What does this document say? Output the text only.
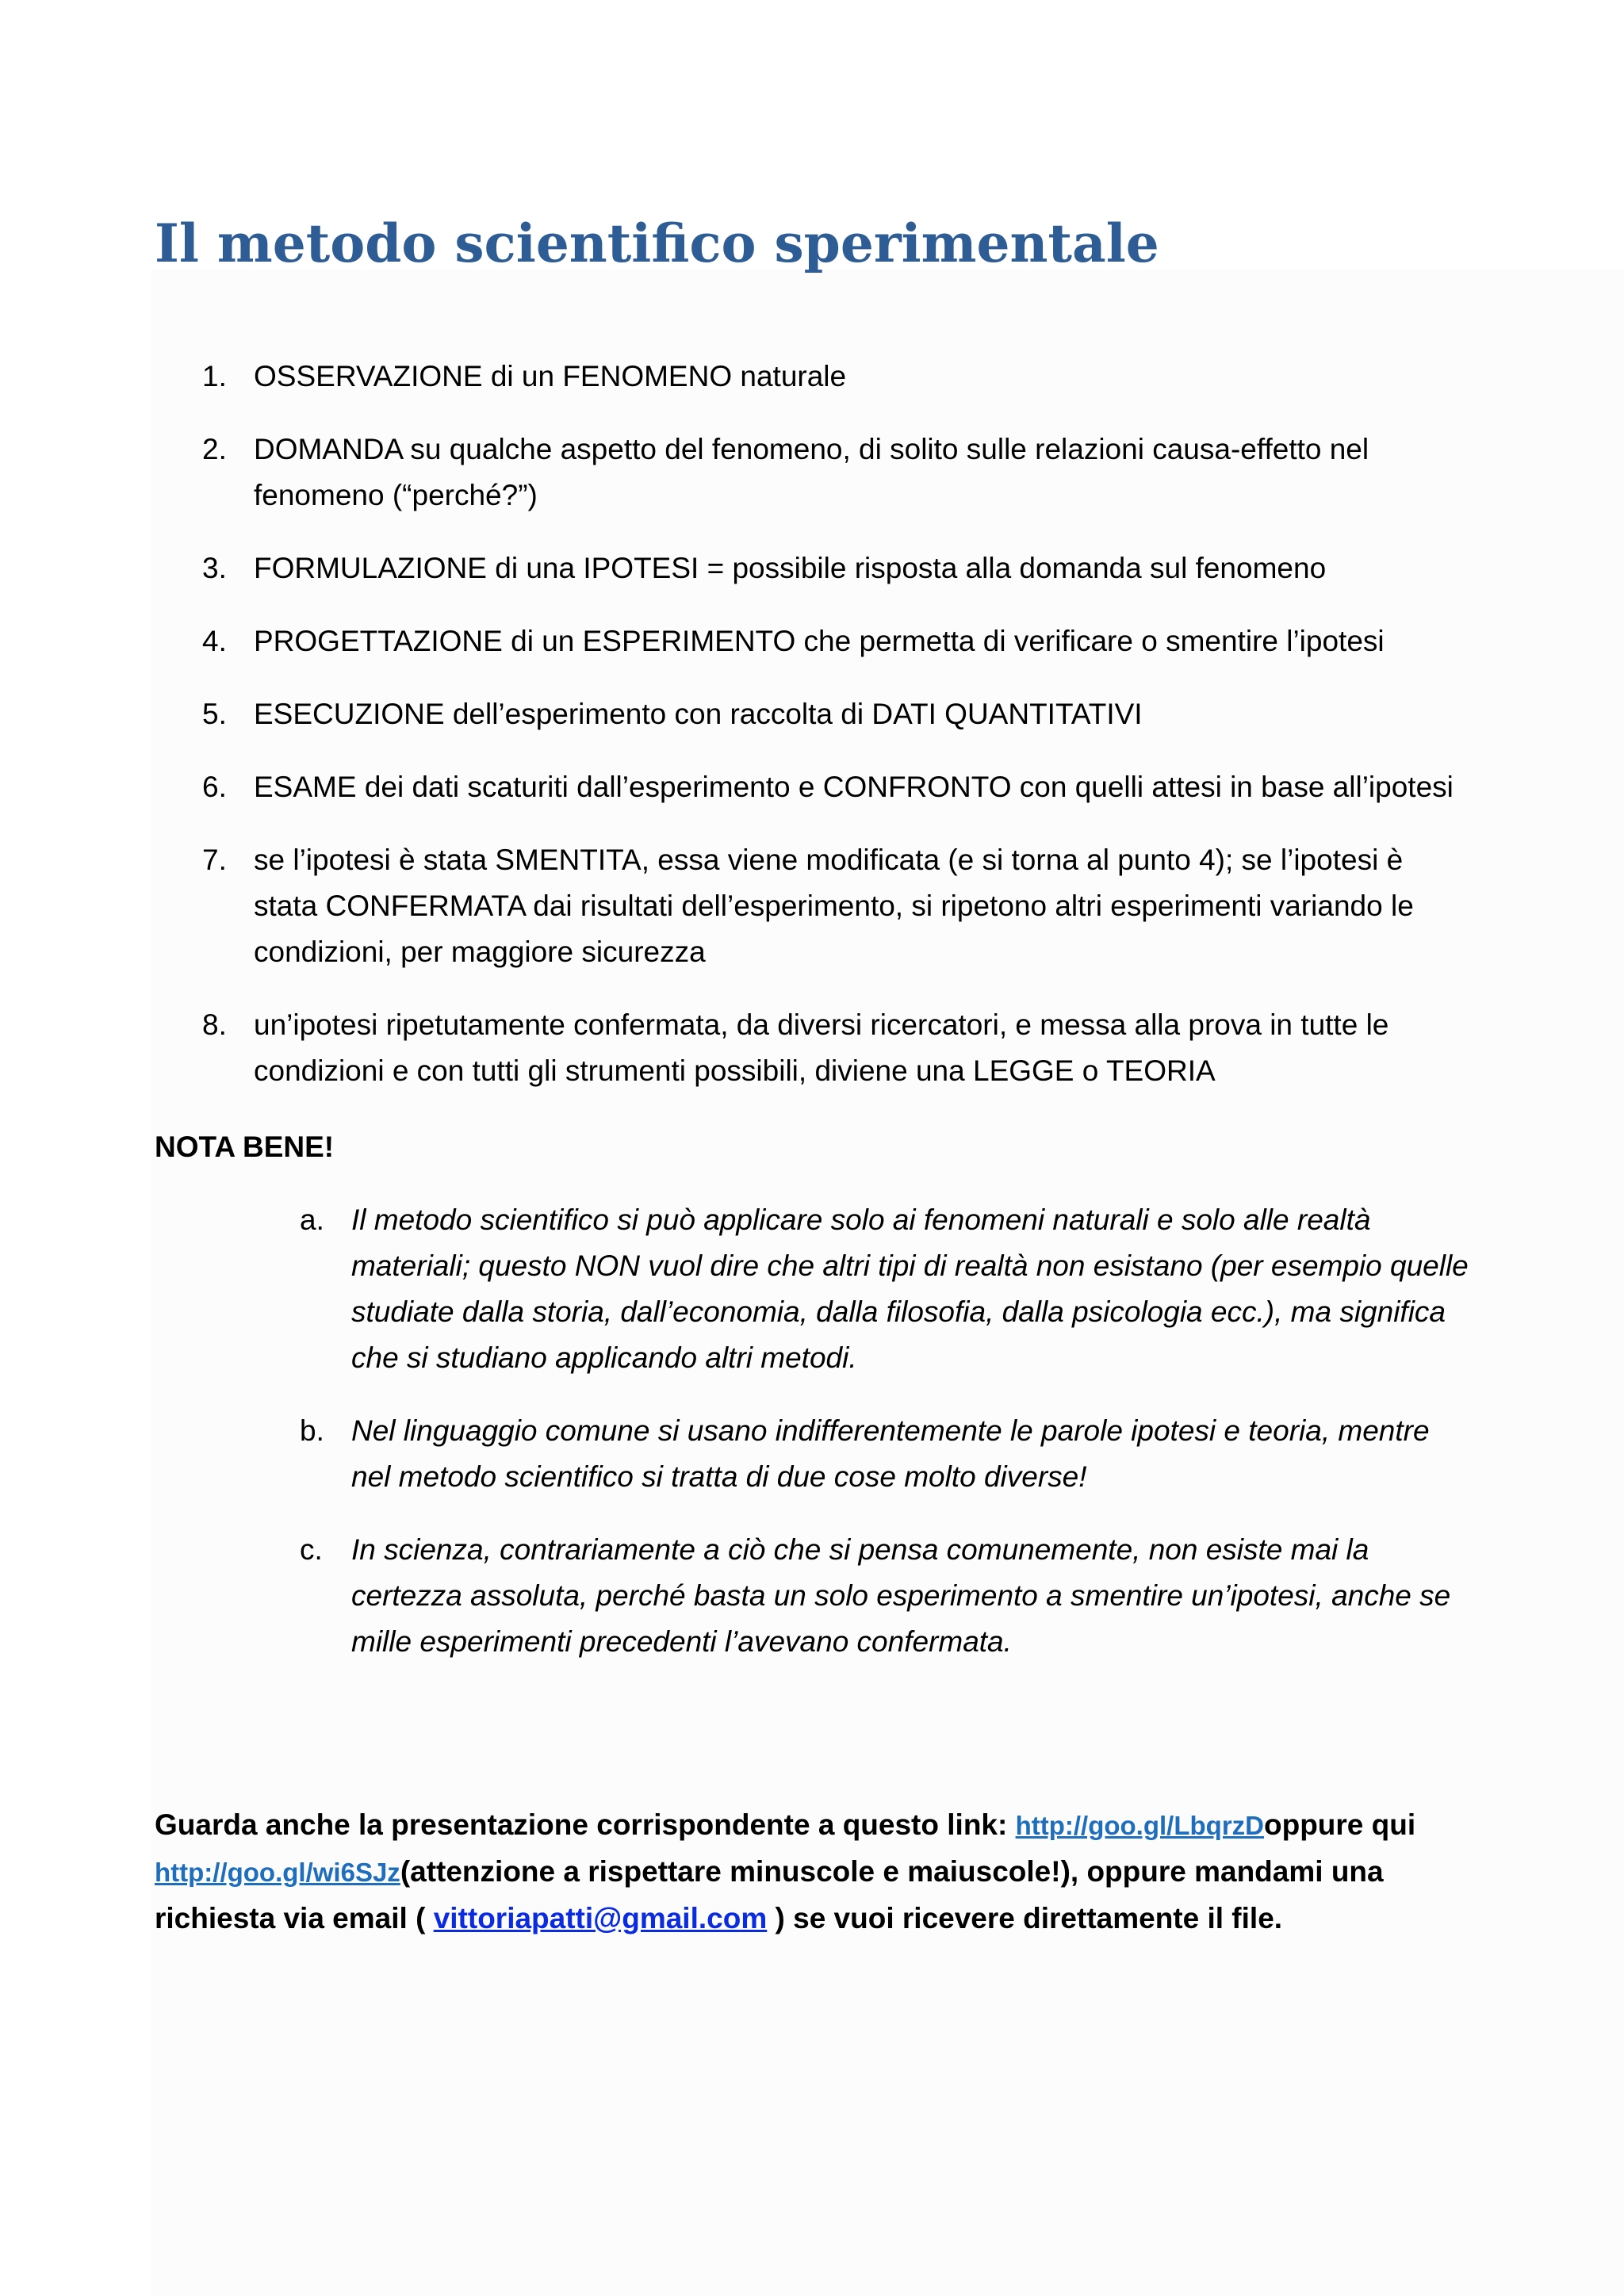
Il metodo scientifico sperimentale
1. OSSERVAZIONE di un FENOMENO naturale
2. DOMANDA su qualche aspetto del fenomeno, di solito sulle relazioni causa-effetto nel fenomeno (“perché?”)
3. FORMULAZIONE di una IPOTESI = possibile risposta alla domanda sul fenomeno
4. PROGETTAZIONE di un ESPERIMENTO che permetta di verificare o smentire l’ipotesi
5. ESECUZIONE dell’esperimento con raccolta di DATI QUANTITATIVI
6. ESAME dei dati scaturiti dall’esperimento e CONFRONTO con quelli attesi in base all’ipotesi
7. se l’ipotesi è stata SMENTITA, essa viene modificata (e si torna al punto 4); se l’ipotesi è stata CONFERMATA dai risultati dell’esperimento, si ripetono altri esperimenti variando le condizioni, per maggiore sicurezza
8. un’ipotesi ripetutamente confermata, da diversi ricercatori, e messa alla prova in tutte le condizioni e con tutti gli strumenti possibili, diviene una LEGGE o TEORIA
NOTA BENE!
a. Il metodo scientifico si può applicare solo ai fenomeni naturali e solo alle realtà materiali; questo NON vuol dire che altri tipi di realtà non esistano (per esempio quelle studiate dalla storia, dall’economia, dalla filosofia, dalla psicologia ecc.), ma significa che si studiano applicando altri metodi.
b. Nel linguaggio comune si usano indifferentemente le parole ipotesi e teoria, mentre nel metodo scientifico si tratta di due cose molto diverse!
c. In scienza, contrariamente a ciò che si pensa comunemente, non esiste mai la certezza assoluta, perché basta un solo esperimento a smentire un’ipotesi, anche se mille esperimenti precedenti l’avevano confermata.

Guarda anche la presentazione corrispondente a questo link: http://goo.gl/LbqrzDoppure qui http://goo.gl/wi6SJz(attenzione a rispettare minuscole e maiuscole!), oppure mandami una richiesta via email ( vittoriapatti@gmail.com ) se vuoi ricevere direttamente il file.
